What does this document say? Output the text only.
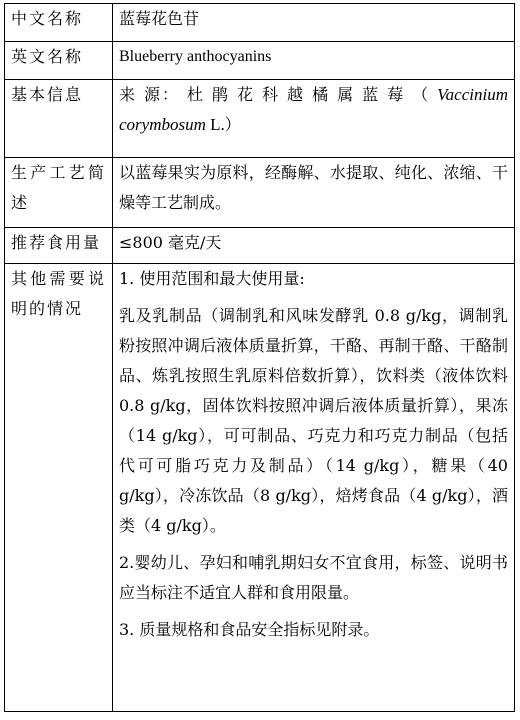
中文名称	蓝莓花色苷
英文名称	Blueberry anthocyanins
基本信息	来 源： 杜 鹃 花 科 越 橘 属 蓝 莓 （ Vaccinium corymbosum L.）
生产工艺简述	以蓝莓果实为原料，经酶解、水提取、纯化、浓缩、干燥等工艺制成。
推荐食用量	≤800 毫克/天
其他需要说明的情况	1. 使用范围和最大使用量:
乳及乳制品（调制乳和风味发酵乳 0.8 g/kg，调制乳粉按照冲调后液体质量折算，干酪、再制干酪、干酪制品、炼乳按照生乳原料倍数折算），饮料类（液体饮料 0.8 g/kg，固体饮料按照冲调后液体质量折算），果冻（14 g/kg），可可制品、巧克力和巧克力制品（包括代可可脂巧克力及制品）（14 g/kg），糖果（40 g/kg），冷冻饮品（8 g/kg），焙烤食品（4 g/kg），酒类（4 g/kg）。
2.婴幼儿、孕妇和哺乳期妇女不宜食用，标签、说明书应当标注不适宜人群和食用限量。
3. 质量规格和食品安全指标见附录。
